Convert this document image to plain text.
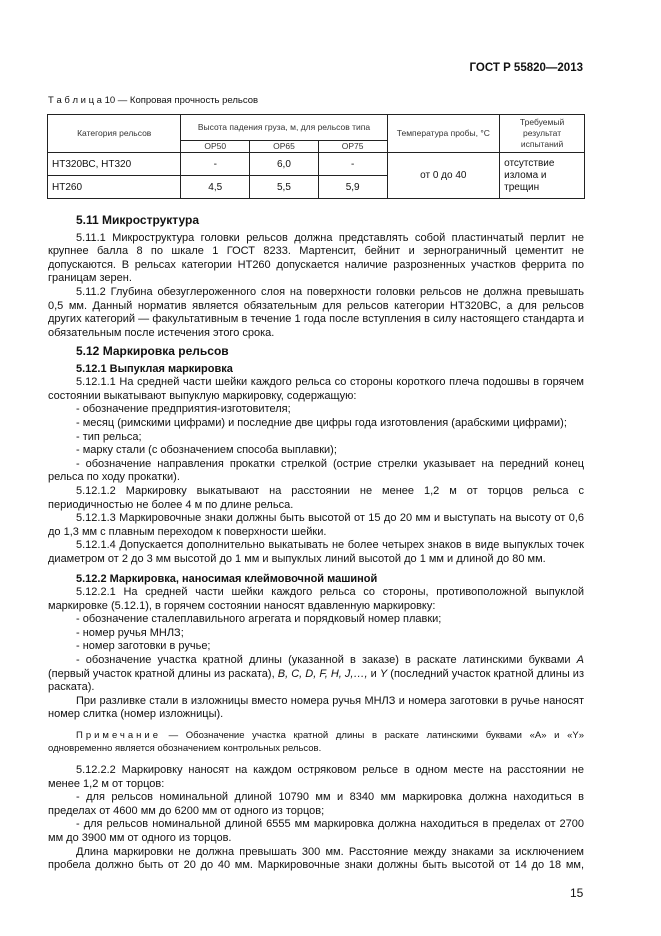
ГОСТ Р 55820—2013
Т а б л и ц а 10 — Копровая прочность рельсов
Категория рельсов	Высота падения груза, м, для рельсов типа			Температура пробы, °С	Требуемый результат испытаний
	ОР50	ОР65	ОР75		
НТ320ВС, НТ320	-	6,0	-	от 0 до 40	отсутствие излома и трещин
НТ260	4,5	5,5	5,9		

5.11 Микроструктура

5.11.1 Микроструктура головки рельсов должна представлять собой пластинчатый перлит не крупнее балла 8 по шкале 1 ГОСТ 8233. Мартенсит, бейнит и зернограничный цементит не допускаются. В рельсах категории НТ260 допускается наличие разрозненных участков феррита по границам зерен.

5.11.2 Глубина обезуглероженного слоя на поверхности головки рельсов не должна превышать 0,5 мм. Данный норматив является обязательным для рельсов категории НТ320ВС, а для рельсов других категорий — факультативным в течение 1 года после вступления в силу настоящего стандарта и обязательным после истечения этого срока.

5.12 Маркировка рельсов

5.12.1 Выпуклая маркировка

5.12.1.1 На средней части шейки каждого рельса со стороны короткого плеча подошвы в горячем состоянии выкатывают выпуклую маркировку, содержащую:

- обозначение предприятия-изготовителя;

- месяц (римскими цифрами) и последние две цифры года изготовления (арабскими цифрами);

- тип рельса;

- марку стали (с обозначением способа выплавки);

- обозначение направления прокатки стрелкой (острие стрелки указывает на передний конец рельса по ходу прокатки).

5.12.1.2 Маркировку выкатывают на расстоянии не менее 1,2 м от торцов рельса с периодичностью не более 4 м по длине рельса.

5.12.1.3 Маркировочные знаки должны быть высотой от 15 до 20 мм и выступать на высоту от 0,6 до 1,3 мм с плавным переходом к поверхности шейки.

5.12.1.4 Допускается дополнительно выкатывать не более четырех знаков в виде выпуклых точек диаметром от 2 до 3 мм высотой до 1 мм и выпуклых линий высотой до 1 мм и длиной до 80 мм.

5.12.2 Маркировка, наносимая клеймовочной машиной

5.12.2.1 На средней части шейки каждого рельса со стороны, противоположной выпуклой маркировке (5.12.1), в горячем состоянии наносят вдавленную маркировку:

- обозначение сталеплавильного агрегата и порядковый номер плавки;

- номер ручья МНЛЗ;

- номер заготовки в ручье;

- обозначение участка кратной длины (указанной в заказе) в раскате латинскими буквами А (первый участок кратной длины из раската), В, С, D, F, H, J,…, и Y (последний участок кратной длины из раската).

При разливке стали в изложницы вместо номера ручья МНЛЗ и номера заготовки в ручье наносят номер слитка (номер изложницы).

Примечание — Обозначение участка кратной длины в раскате латинскими буквами «А» и «Y» одновременно является обозначением контрольных рельсов.

5.12.2.2 Маркировку наносят на каждом остряковом рельсе в одном месте на расстоянии не менее 1,2 м от торцов:

- для рельсов номинальной длиной 10790 мм и 8340 мм маркировка должна находиться в пределах от 4600 мм до 6200 мм от одного из торцов;

- для рельсов номинальной длиной 6555 мм маркировка должна находиться в пределах от 2700 мм до 3900 мм от одного из торцов.

Длина маркировки не должна превышать 300 мм. Расстояние между знаками за исключением пробела должно быть от 20 до 40 мм. Маркировочные знаки должны быть высотой от 14 до 18 мм,

15
